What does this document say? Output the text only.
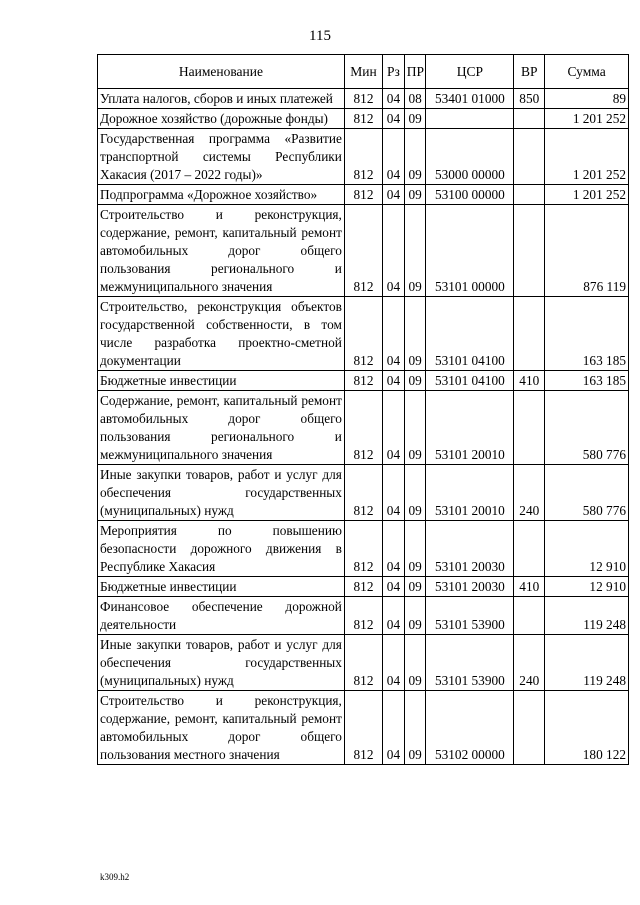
115
Наименование	Мин	Рз	ПР	ЦСР	ВР	Сумма
Уплата налогов, сборов и иных платежей	812	04	08	53401 01000	850	89
Дорожное хозяйство (дорожные фонды)	812	04	09			1 201 252
Государственная программа «Развитие транспортной системы Республики Хакасия (2017 – 2022 годы)»	812	04	09	53000 00000		1 201 252
Подпрограмма «Дорожное хозяйство»	812	04	09	53100 00000		1 201 252
Строительство и реконструкция, содержание, ремонт, капитальный ремонт автомобильных дорог общего пользования регионального и межмуниципального значения	812	04	09	53101 00000		876 119
Строительство, реконструкция объектов государственной собственности, в том числе разработка проектно-сметной документации	812	04	09	53101 04100		163 185
Бюджетные инвестиции	812	04	09	53101 04100	410	163 185
Содержание, ремонт, капитальный ремонт автомобильных дорог общего пользования регионального и межмуниципального значения	812	04	09	53101 20010		580 776
Иные закупки товаров, работ и услуг для обеспечения государственных (муниципальных) нужд	812	04	09	53101 20010	240	580 776
Мероприятия по повышению безопасности дорожного движения в Республике Хакасия	812	04	09	53101 20030		12 910
Бюджетные инвестиции	812	04	09	53101 20030	410	12 910
Финансовое обеспечение дорожной деятельности	812	04	09	53101 53900		119 248
Иные закупки товаров, работ и услуг для обеспечения государственных (муниципальных) нужд	812	04	09	53101 53900	240	119 248
Строительство и реконструкция, содержание, ремонт, капитальный ремонт автомобильных дорог общего пользования местного значения	812	04	09	53102 00000		180 122
k309.h2
